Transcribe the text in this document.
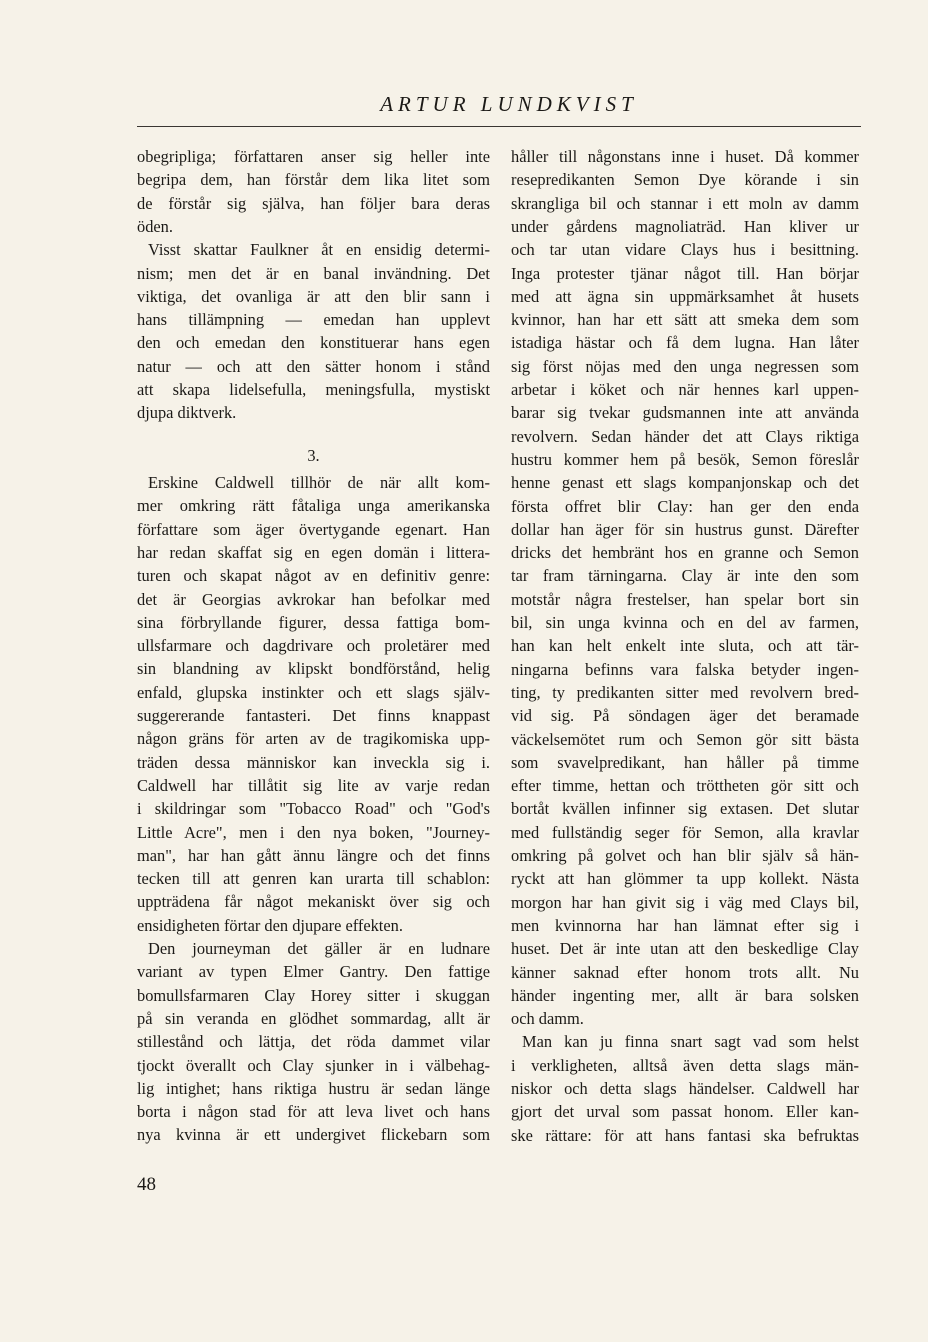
ARTUR LUNDKVIST
obegripliga; författaren anser sig heller inte
begripa dem, han förstår dem lika litet som
de förstår sig själva, han följer bara deras
öden.
Visst skattar Faulkner åt en ensidig determi-
nism; men det är en banal invändning. Det
viktiga, det ovanliga är att den blir sann i
hans tillämpning — emedan han upplevt
den och emedan den konstituerar hans egen
natur — och att den sätter honom i stånd
att skapa lidelsefulla, meningsfulla, mystiskt
djupa diktverk.
Erskine Caldwell tillhör de när allt kom-
mer omkring rätt fåtaliga unga amerikanska
författare som äger övertygande egenart. Han
har redan skaffat sig en egen domän i littera-
turen och skapat något av en definitiv genre:
det är Georgias avkrokar han befolkar med
sina förbryllande figurer, dessa fattiga bom-
ullsfarmare och dagdrivare och proletärer med
sin blandning av klipskt bondförstånd, helig
enfald, glupska instinkter och ett slags själv-
suggererande fantasteri. Det finns knappast
någon gräns för arten av de tragikomiska upp-
träden dessa människor kan inveckla sig i.
Caldwell har tillåtit sig lite av varje redan
i skildringar som "Tobacco Road" och "God's
Little Acre", men i den nya boken, "Journey-
man", har han gått ännu längre och det finns
tecken till att genren kan urarta till schablon:
uppträdena får något mekaniskt över sig och
ensidigheten förtar den djupare effekten.
Den journeyman det gäller är en ludnare
variant av typen Elmer Gantry. Den fattige
bomullsfarmaren Clay Horey sitter i skuggan
på sin veranda en glödhet sommardag, allt är
stillestånd och lättja, det röda dammet vilar
tjockt överallt och Clay sjunker in i välbehag-
lig intighet; hans riktiga hustru är sedan länge
borta i någon stad för att leva livet och hans
nya kvinna är ett undergivet flickebarn som
3.
håller till någonstans inne i huset. Då kommer
resepredikanten Semon Dye körande i sin
skrangliga bil och stannar i ett moln av damm
under gårdens magnoliaträd. Han kliver ur
och tar utan vidare Clays hus i besittning.
Inga protester tjänar något till. Han börjar
med att ägna sin uppmärksamhet åt husets
kvinnor, han har ett sätt att smeka dem som
istadiga hästar och få dem lugna. Han låter
sig först nöjas med den unga negressen som
arbetar i köket och när hennes karl uppen-
barar sig tvekar gudsmannen inte att använda
revolvern. Sedan händer det att Clays riktiga
hustru kommer hem på besök, Semon föreslår
henne genast ett slags kompanjonskap och det
första offret blir Clay: han ger den enda
dollar han äger för sin hustrus gunst. Därefter
dricks det hembränt hos en granne och Semon
tar fram tärningarna. Clay är inte den som
motstår några frestelser, han spelar bort sin
bil, sin unga kvinna och en del av farmen,
han kan helt enkelt inte sluta, och att tär-
ningarna befinns vara falska betyder ingen-
ting, ty predikanten sitter med revolvern bred-
vid sig. På söndagen äger det beramade
väckelsemötet rum och Semon gör sitt bästa
som svavelpredikant, han håller på timme
efter timme, hettan och tröttheten gör sitt och
bortåt kvällen infinner sig extasen. Det slutar
med fullständig seger för Semon, alla kravlar
omkring på golvet och han blir själv så hän-
ryckt att han glömmer ta upp kollekt. Nästa
morgon har han givit sig i väg med Clays bil,
men kvinnorna har han lämnat efter sig i
huset. Det är inte utan att den beskedlige Clay
känner saknad efter honom trots allt. Nu
händer ingenting mer, allt är bara solsken
och damm.
Man kan ju finna snart sagt vad som helst
i verkligheten, alltså även detta slags män-
niskor och detta slags händelser. Caldwell har
gjort det urval som passat honom. Eller kan-
ske rättare: för att hans fantasi ska befruktas
48
